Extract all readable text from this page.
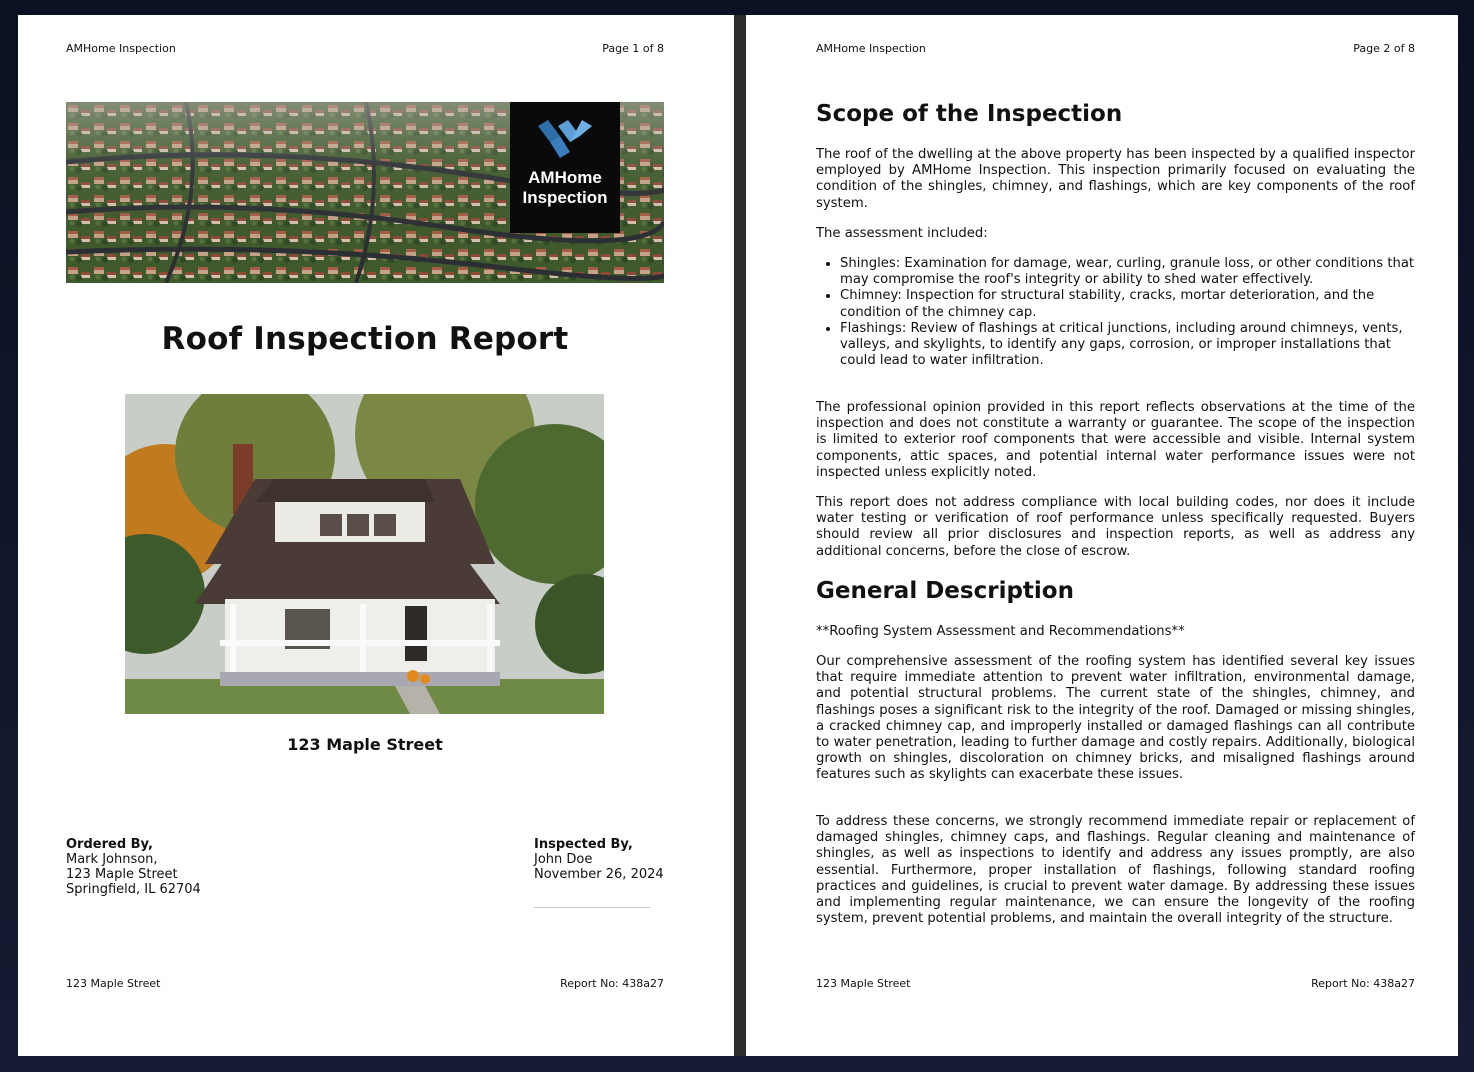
AMHome Inspection	Page 1 of 8
AMHome
Inspection
Roof Inspection Report
123 Maple Street
Ordered By,
Mark Johnson,
123 Maple Street
Springfield, IL 62704
Inspected By,
John Doe
November 26, 2024
123 Maple Street	Report No: 438a27
AMHome Inspection	Page 2 of 8
Scope of the Inspection
The roof of the dwelling at the above property has been inspected by a qualified inspector employed by AMHome Inspection. This inspection primarily focused on evaluating the condition of the shingles, chimney, and flashings, which are key components of the roof system.
The assessment included:
• Shingles: Examination for damage, wear, curling, granule loss, or other conditions that may compromise the roof's integrity or ability to shed water effectively.
• Chimney: Inspection for structural stability, cracks, mortar deterioration, and the condition of the chimney cap.
• Flashings: Review of flashings at critical junctions, including around chimneys, vents, valleys, and skylights, to identify any gaps, corrosion, or improper installations that could lead to water infiltration.
The professional opinion provided in this report reflects observations at the time of the inspection and does not constitute a warranty or guarantee. The scope of the inspection is limited to exterior roof components that were accessible and visible. Internal system components, attic spaces, and potential internal water performance issues were not inspected unless explicitly noted.
This report does not address compliance with local building codes, nor does it include water testing or verification of roof performance unless specifically requested. Buyers should review all prior disclosures and inspection reports, as well as address any additional concerns, before the close of escrow.
General Description
**Roofing System Assessment and Recommendations**
Our comprehensive assessment of the roofing system has identified several key issues that require immediate attention to prevent water infiltration, environmental damage, and potential structural problems. The current state of the shingles, chimney, and flashings poses a significant risk to the integrity of the roof. Damaged or missing shingles, a cracked chimney cap, and improperly installed or damaged flashings can all contribute to water penetration, leading to further damage and costly repairs. Additionally, biological growth on shingles, discoloration on chimney bricks, and misaligned flashings around features such as skylights can exacerbate these issues.
To address these concerns, we strongly recommend immediate repair or replacement of damaged shingles, chimney caps, and flashings. Regular cleaning and maintenance of shingles, as well as inspections to identify and address any issues promptly, are also essential. Furthermore, proper installation of flashings, following standard roofing practices and guidelines, is crucial to prevent water damage. By addressing these issues and implementing regular maintenance, we can ensure the longevity of the roofing system, prevent potential problems, and maintain the overall integrity of the structure.
123 Maple Street	Report No: 438a27
